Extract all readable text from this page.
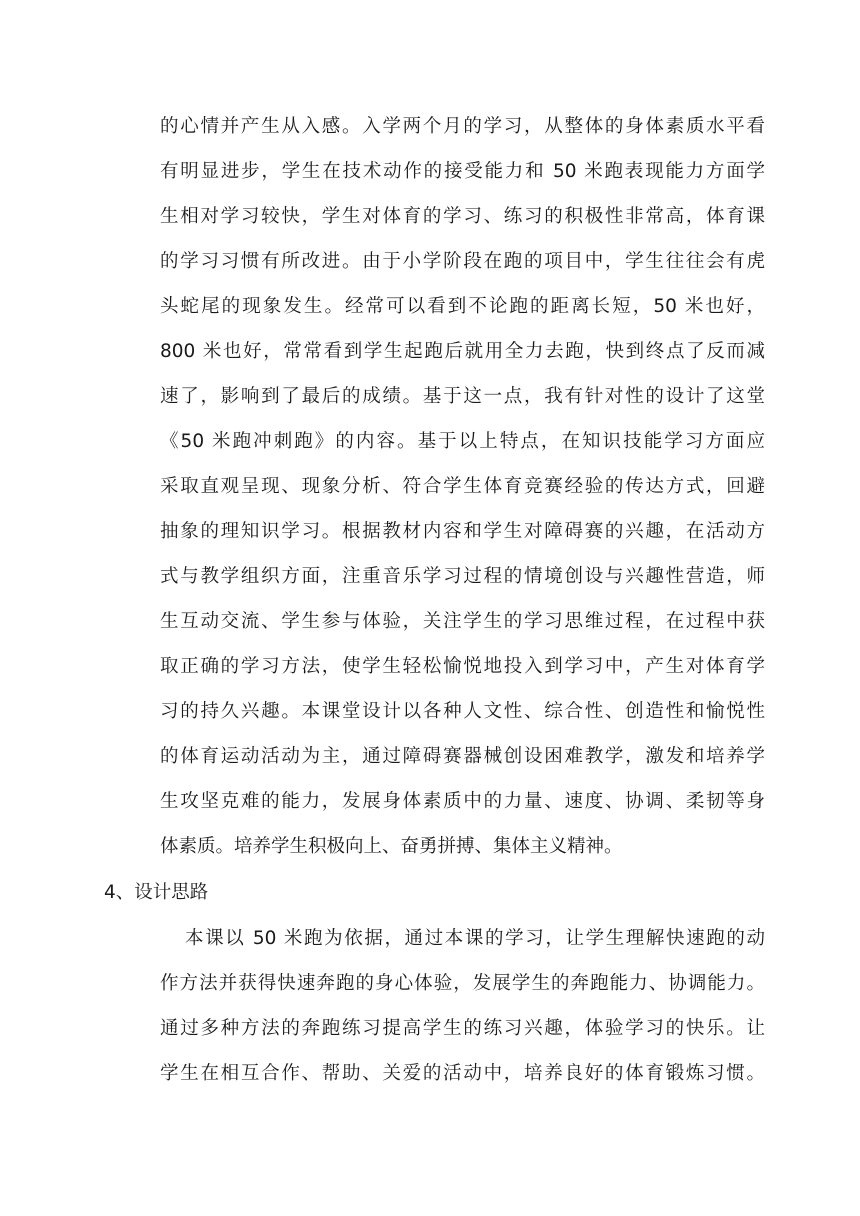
的心情并产生从入感。入学两个月的学习，从整体的身体素质水平看
有明显进步，学生在技术动作的接受能力和 50 米跑表现能力方面学
生相对学习较快，学生对体育的学习、练习的积极性非常高，体育课
的学习习惯有所改进。由于小学阶段在跑的项目中，学生往往会有虎
头蛇尾的现象发生。经常可以看到不论跑的距离长短，50 米也好，
800 米也好，常常看到学生起跑后就用全力去跑，快到终点了反而减
速了，影响到了最后的成绩。基于这一点，我有针对性的设计了这堂
《50 米跑冲刺跑》的内容。基于以上特点，在知识技能学习方面应
采取直观呈现、现象分析、符合学生体育竞赛经验的传达方式，回避
抽象的理知识学习。根据教材内容和学生对障碍赛的兴趣，在活动方
式与教学组织方面，注重音乐学习过程的情境创设与兴趣性营造，师
生互动交流、学生参与体验，关注学生的学习思维过程，在过程中获
取正确的学习方法，使学生轻松愉悦地投入到学习中，产生对体育学
习的持久兴趣。本课堂设计以各种人文性、综合性、创造性和愉悦性
的体育运动活动为主，通过障碍赛器械创设困难教学，激发和培养学
生攻坚克难的能力，发展身体素质中的力量、速度、协调、柔韧等身
体素质。培养学生积极向上、奋勇拼搏、集体主义精神。
4、设计思路
本课以 50 米跑为依据，通过本课的学习，让学生理解快速跑的动
作方法并获得快速奔跑的身心体验，发展学生的奔跑能力、协调能力。
通过多种方法的奔跑练习提高学生的练习兴趣，体验学习的快乐。让
学生在相互合作、帮助、关爱的活动中，培养良好的体育锻炼习惯。
